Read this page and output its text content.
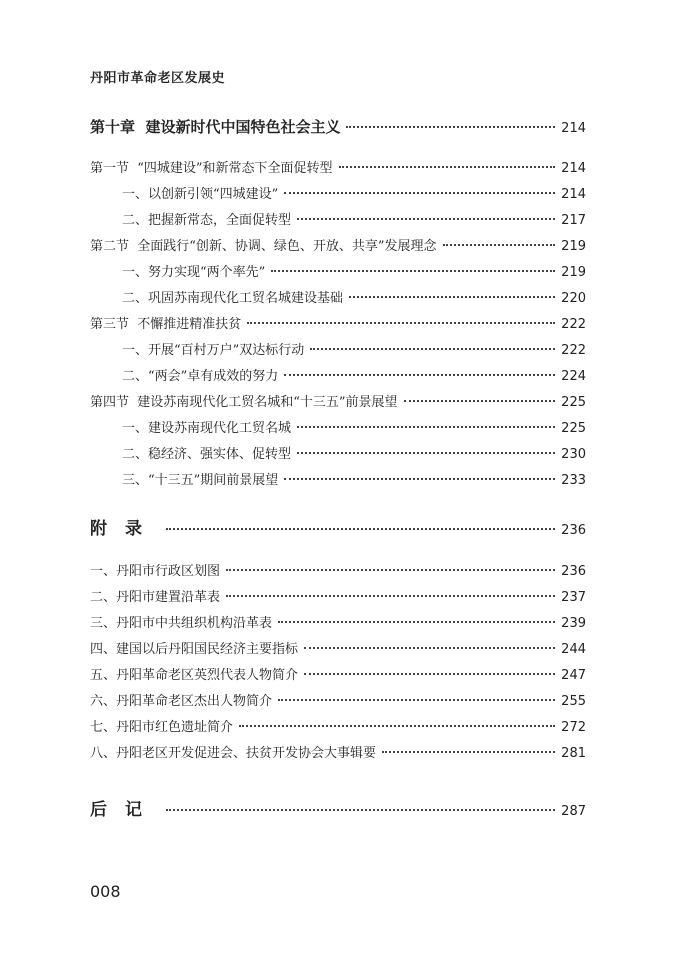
丹阳市革命老区发展史
第十章  建设新时代中国特色社会主义	214
第一节  “四城建设”和新常态下全面促转型	214
一、以创新引领“四城建设”	214
二、把握新常态，全面促转型	217
第二节  全面践行“创新、协调、绿色、开放、共享”发展理念	219
一、努力实现“两个率先”	219
二、巩固苏南现代化工贸名城建设基础	220
第三节  不懈推进精准扶贫	222
一、开展“百村万户”双达标行动	222
二、“两会”卓有成效的努力	224
第四节  建设苏南现代化工贸名城和“十三五”前景展望	225
一、建设苏南现代化工贸名城	225
二、稳经济、强实体、促转型	230
三、“十三五”期间前景展望	233
附录	236
一、丹阳市行政区划图	236
二、丹阳市建置沿革表	237
三、丹阳市中共组织机构沿革表	239
四、建国以后丹阳国民经济主要指标	244
五、丹阳革命老区英烈代表人物简介	247
六、丹阳革命老区杰出人物简介	255
七、丹阳市红色遗址简介	272
八、丹阳老区开发促进会、扶贫开发协会大事辑要	281
后记	287
008
